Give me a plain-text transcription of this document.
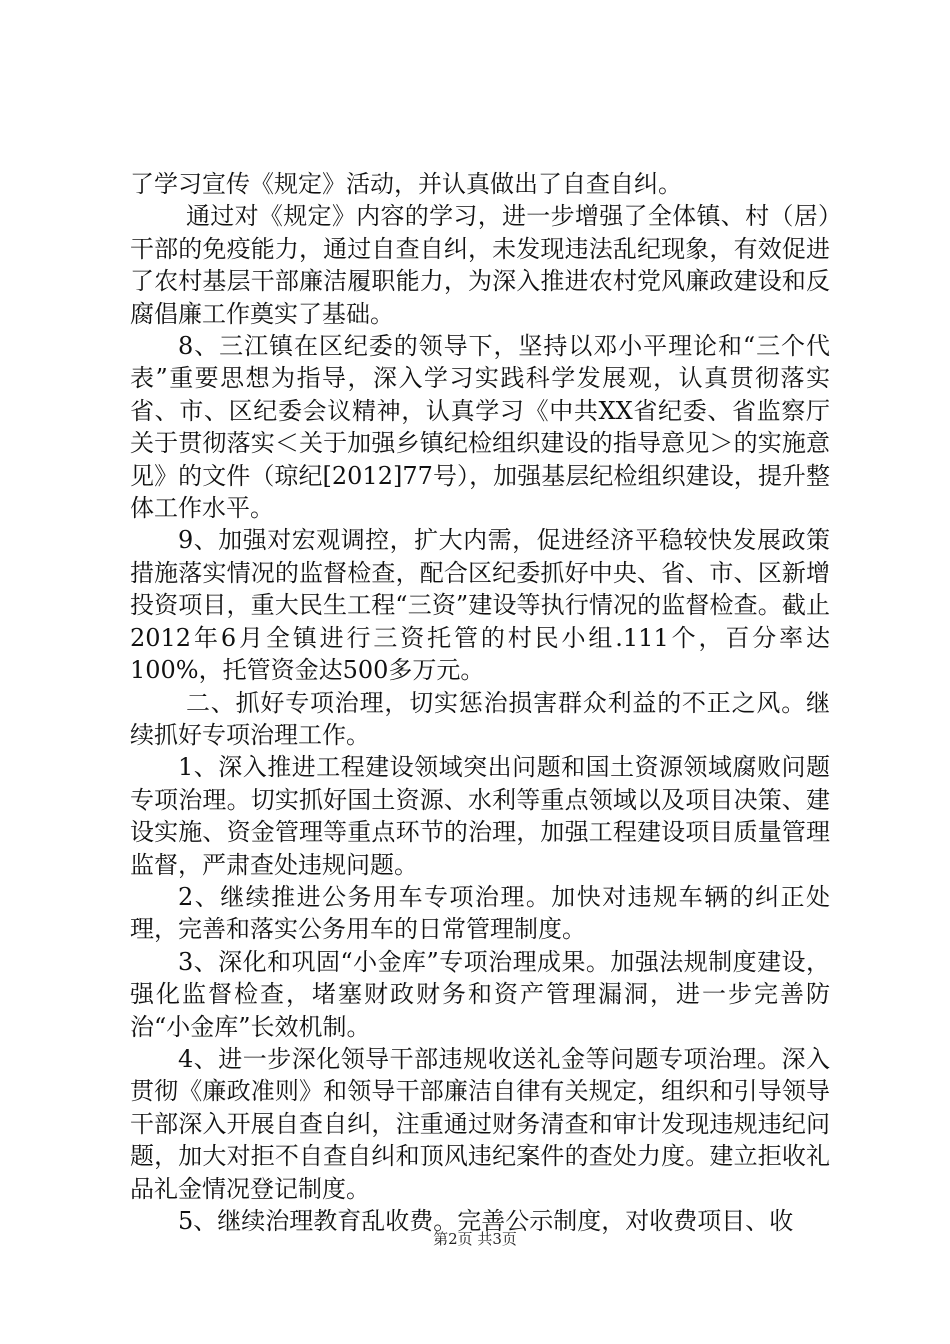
了学习宣传《规定》活动，并认真做出了自查自纠。

通过对《规定》内容的学习，进一步增强了全体镇、村（居）干部的免疫能力，通过自查自纠，未发现违法乱纪现象，有效促进了农村基层干部廉洁履职能力，为深入推进农村党风廉政建设和反腐倡廉工作奠实了基础。

8、三江镇在区纪委的领导下，坚持以邓小平理论和“三个代表”重要思想为指导，深入学习实践科学发展观，认真贯彻落实省、市、区纪委会议精神，认真学习《中共XX省纪委、省监察厅关于贯彻落实＜关于加强乡镇纪检组织建设的指导意见＞的实施意见》的文件（琼纪[2012]77号），加强基层纪检组织建设，提升整体工作水平。

9、加强对宏观调控，扩大内需，促进经济平稳较快发展政策措施落实情况的监督检查，配合区纪委抓好中央、省、市、区新增投资项目，重大民生工程“三资”建设等执行情况的监督检查。截止2012年6月全镇进行三资托管的村民小组.111个，百分率达100%，托管资金达500多万元。

二、抓好专项治理，切实惩治损害群众利益的不正之风。继续抓好专项治理工作。

1、深入推进工程建设领域突出问题和国土资源领域腐败问题专项治理。切实抓好国土资源、水利等重点领域以及项目决策、建设实施、资金管理等重点环节的治理，加强工程建设项目质量管理监督，严肃查处违规问题。

2、继续推进公务用车专项治理。加快对违规车辆的纠正处理，完善和落实公务用车的日常管理制度。

3、深化和巩固“小金库”专项治理成果。加强法规制度建设，强化监督检查，堵塞财政财务和资产管理漏洞，进一步完善防治“小金库”长效机制。

4、进一步深化领导干部违规收送礼金等问题专项治理。深入贯彻《廉政准则》和领导干部廉洁自律有关规定，组织和引导领导干部深入开展自查自纠，注重通过财务清查和审计发现违规违纪问题，加大对拒不自查自纠和顶风违纪案件的查处力度。建立拒收礼品礼金情况登记制度。

5、继续治理教育乱收费。完善公示制度，对收费项目、收

第2页 共3页
